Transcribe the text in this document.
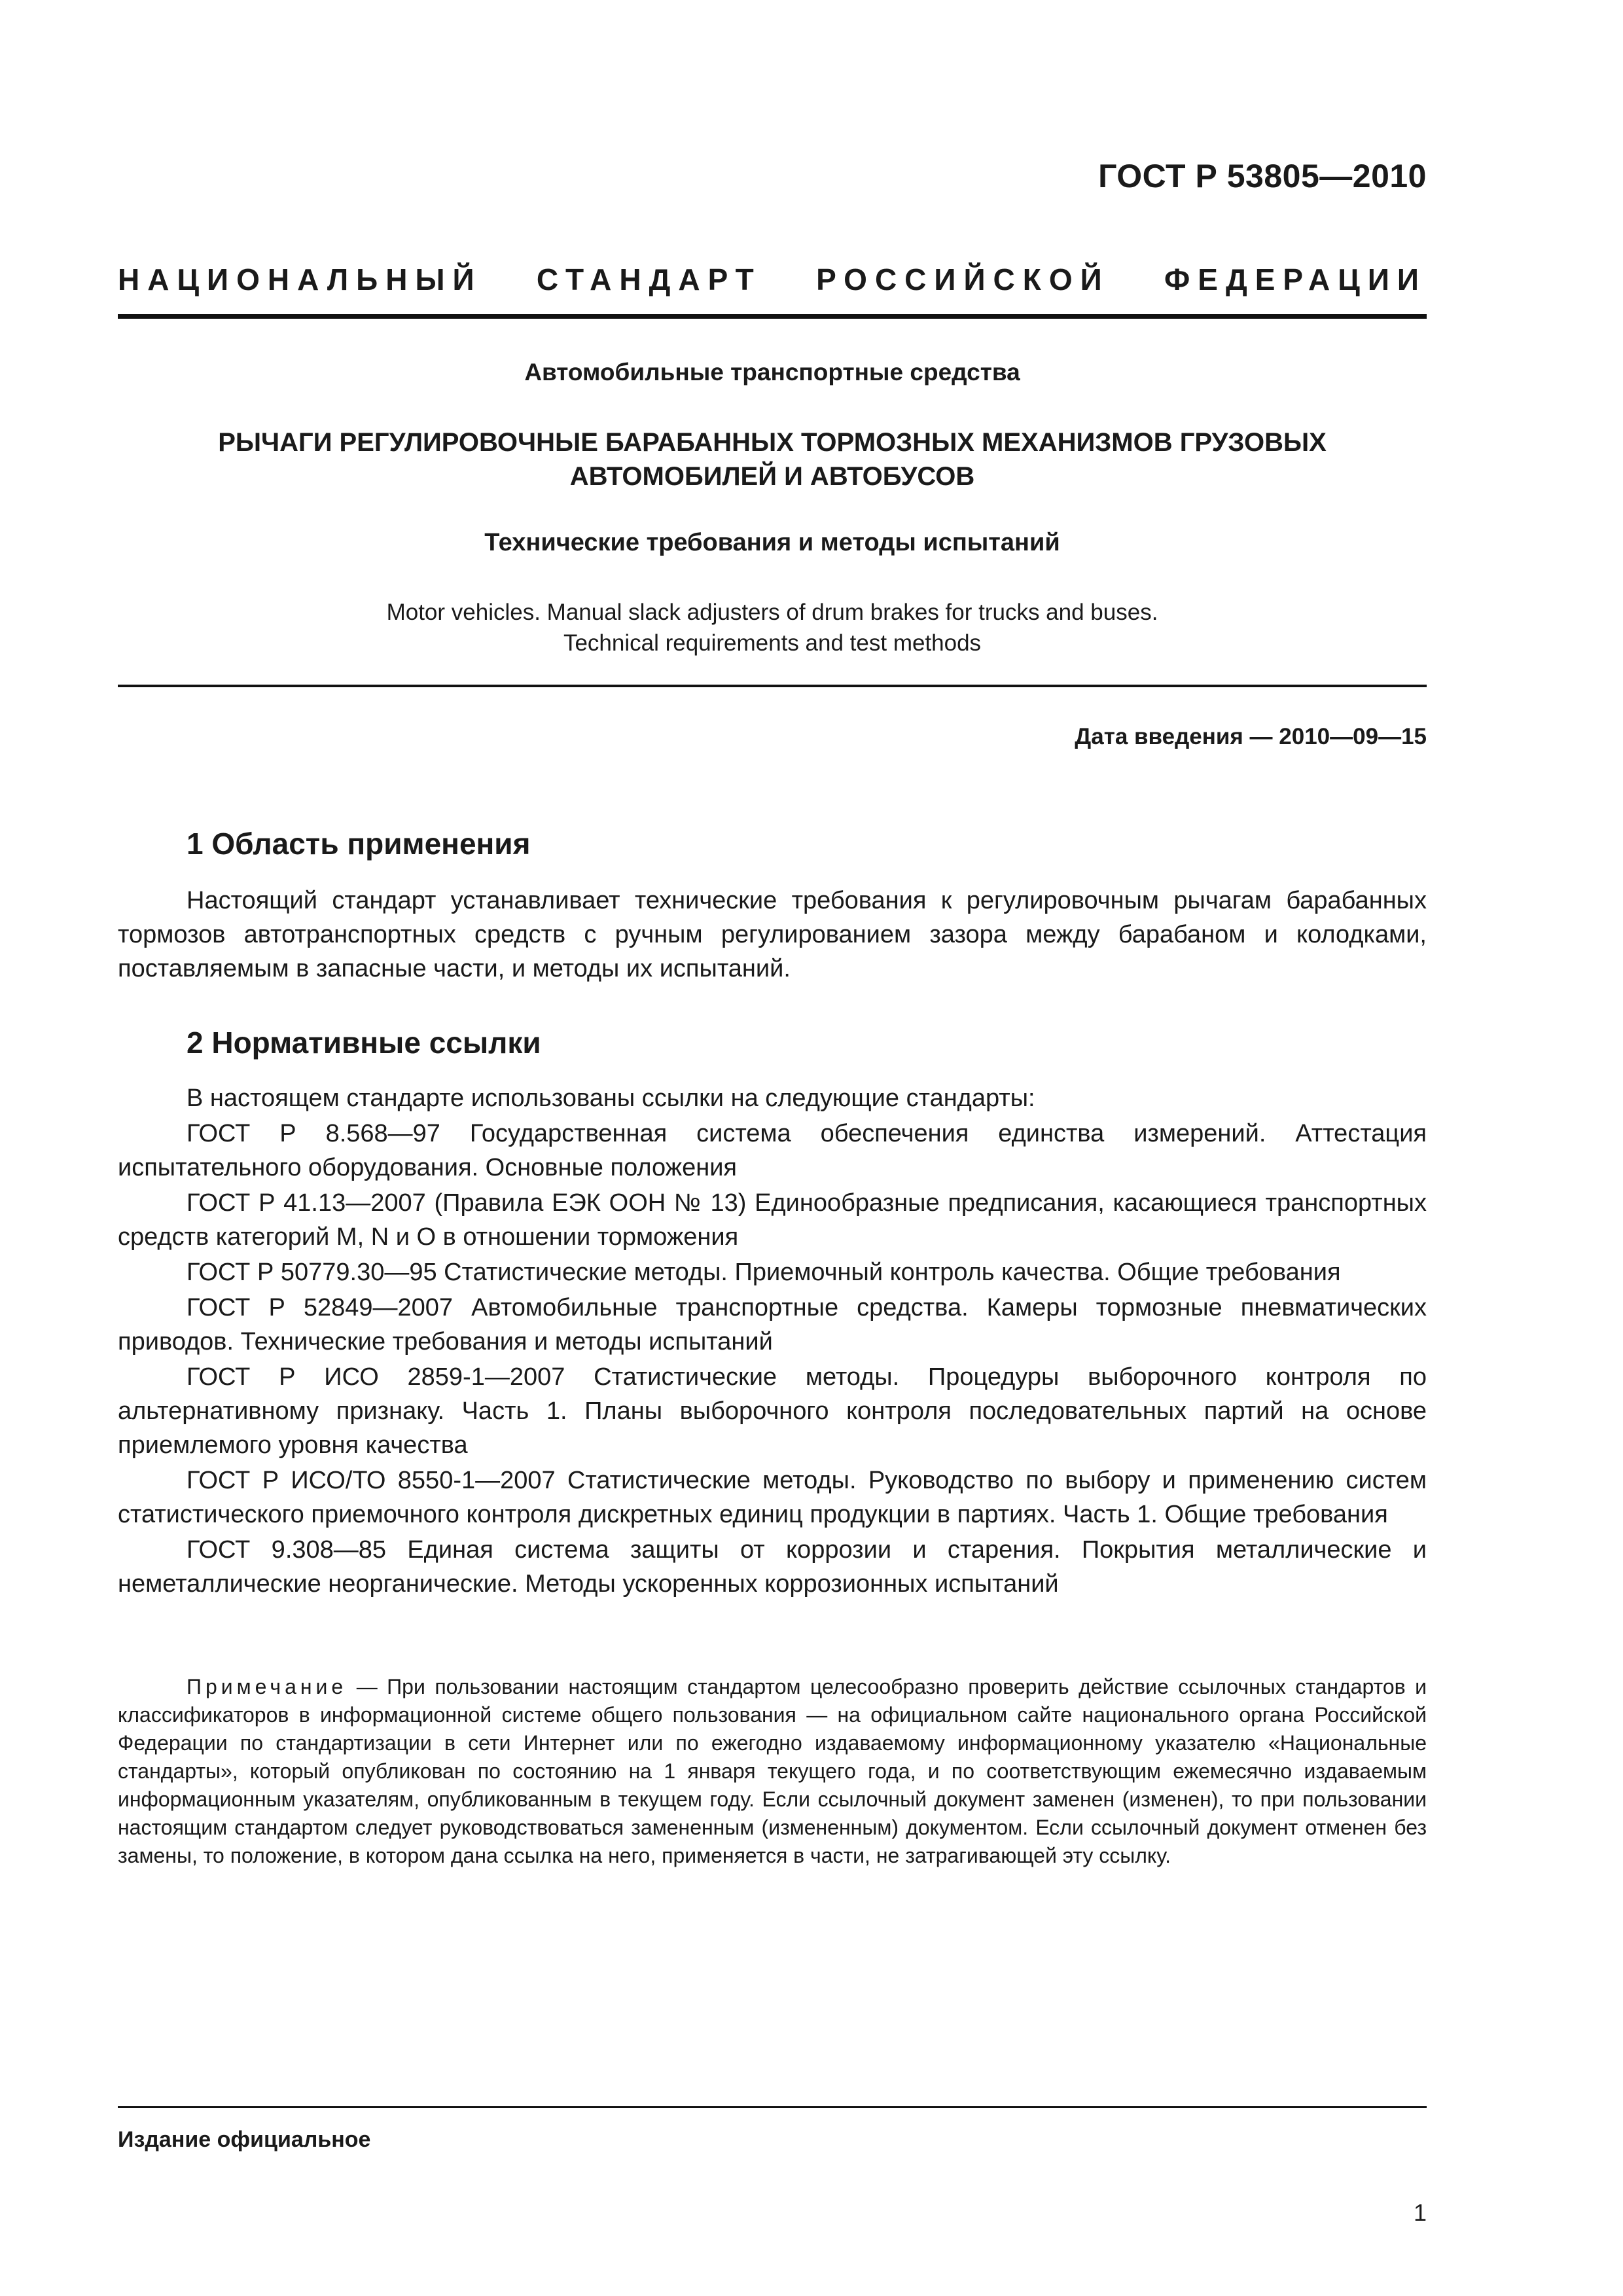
ГОСТ Р 53805—2010
НАЦИОНАЛЬНЫЙ СТАНДАРТ РОССИЙСКОЙ ФЕДЕРАЦИИ
Автомобильные транспортные средства
РЫЧАГИ РЕГУЛИРОВОЧНЫЕ БАРАБАННЫХ ТОРМОЗНЫХ МЕХАНИЗМОВ ГРУЗОВЫХ
АВТОМОБИЛЕЙ И АВТОБУСОВ
Технические требования и методы испытаний
Motor vehicles. Manual slack adjusters of drum brakes for trucks and buses.
Technical requirements and test methods
Дата введения — 2010—09—15
1 Область применения
Настоящий стандарт устанавливает технические требования к регулировочным рычагам барабанных тормозов автотранспортных средств с ручным регулированием зазора между барабаном и колодками, поставляемым в запасные части, и методы их испытаний.
2 Нормативные ссылки

В настоящем стандарте использованы ссылки на следующие стандарты:

ГОСТ Р 8.568—97 Государственная система обеспечения единства измерений. Аттестация испытательного оборудования. Основные положения

ГОСТ Р 41.13—2007 (Правила ЕЭК ООН № 13) Единообразные предписания, касающиеся транспортных средств категорий M, N и O в отношении торможения

ГОСТ Р 50779.30—95 Статистические методы. Приемочный контроль качества. Общие требования

ГОСТ Р 52849—2007 Автомобильные транспортные средства. Камеры тормозные пневматических приводов. Технические требования и методы испытаний

ГОСТ Р ИСО 2859-1—2007 Статистические методы. Процедуры выборочного контроля по альтернативному признаку. Часть 1. Планы выборочного контроля последовательных партий на основе приемлемого уровня качества

ГОСТ Р ИСО/ТО 8550-1—2007 Статистические методы. Руководство по выбору и применению систем статистического приемочного контроля дискретных единиц продукции в партиях. Часть 1. Общие требования

ГОСТ 9.308—85 Единая система защиты от коррозии и старения. Покрытия металлические и неметаллические неорганические. Методы ускоренных коррозионных испытаний

Примечание — При пользовании настоящим стандартом целесообразно проверить действие ссылочных стандартов и классификаторов в информационной системе общего пользования — на официальном сайте национального органа Российской Федерации по стандартизации в сети Интернет или по ежегодно издаваемому информационному указателю «Национальные стандарты», который опубликован по состоянию на 1 января текущего года, и по соответствующим ежемесячно издаваемым информационным указателям, опубликованным в текущем году. Если ссылочный документ заменен (изменен), то при пользовании настоящим стандартом следует руководствоваться замененным (измененным) документом. Если ссылочный документ отменен без замены, то положение, в котором дана ссылка на него, применяется в части, не затрагивающей эту ссылку.
Издание официальное
1
